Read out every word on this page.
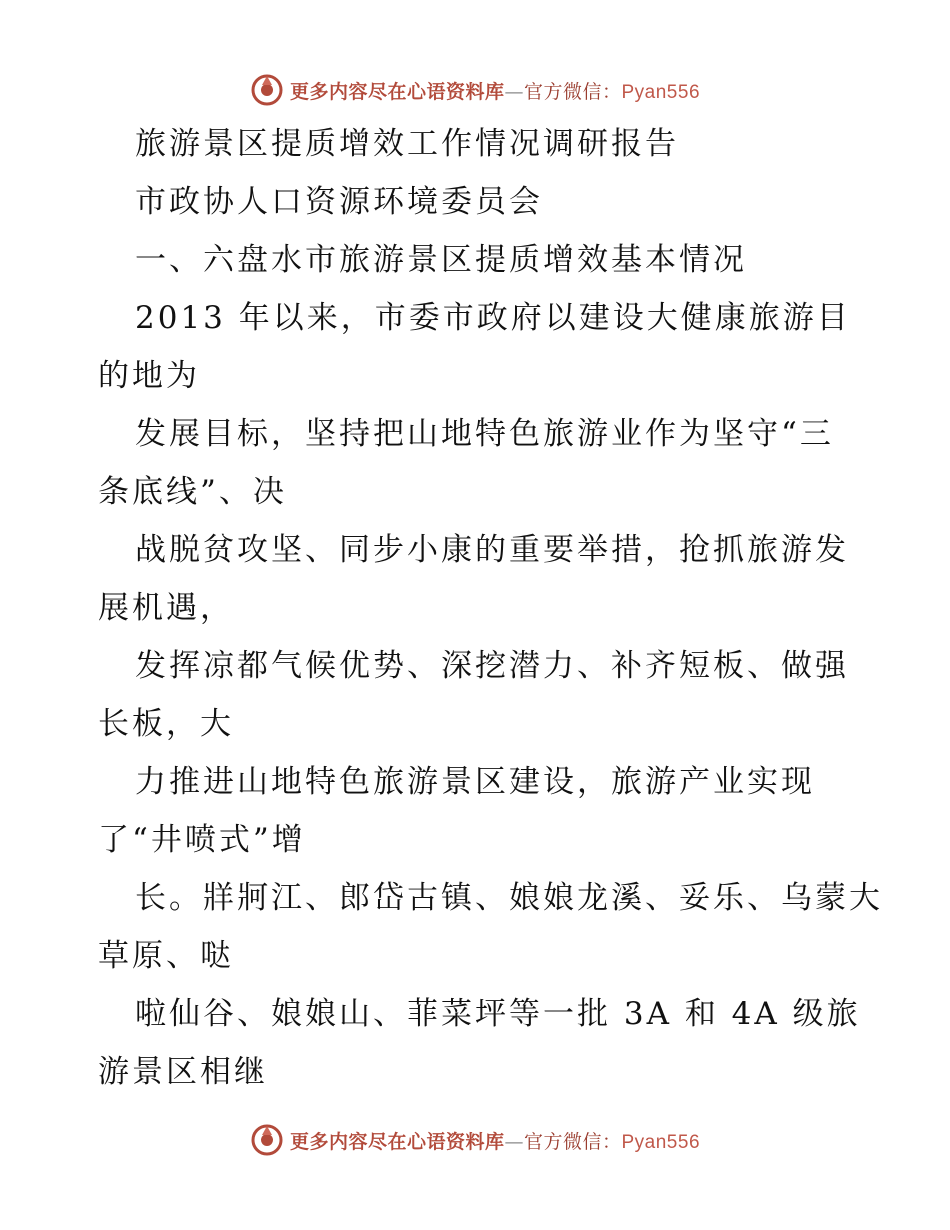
更多内容尽在心语资料库—官方微信：Pyan556
旅游景区提质增效工作情况调研报告
市政协人口资源环境委员会
一、六盘水市旅游景区提质增效基本情况
2013 年以来，市委市政府以建设大健康旅游目
的地为
发展目标，坚持把山地特色旅游业作为坚守“三
条底线”、决
战脱贫攻坚、同步小康的重要举措，抢抓旅游发
展机遇，
发挥凉都气候优势、深挖潜力、补齐短板、做强
长板，大
力推进山地特色旅游景区建设，旅游产业实现
了“井喷式”增
长。牂牁江、郎岱古镇、娘娘龙溪、妥乐、乌蒙大
草原、哒
啦仙谷、娘娘山、菲菜坪等一批 3A 和 4A 级旅
游景区相继
更多内容尽在心语资料库—官方微信：Pyan556
